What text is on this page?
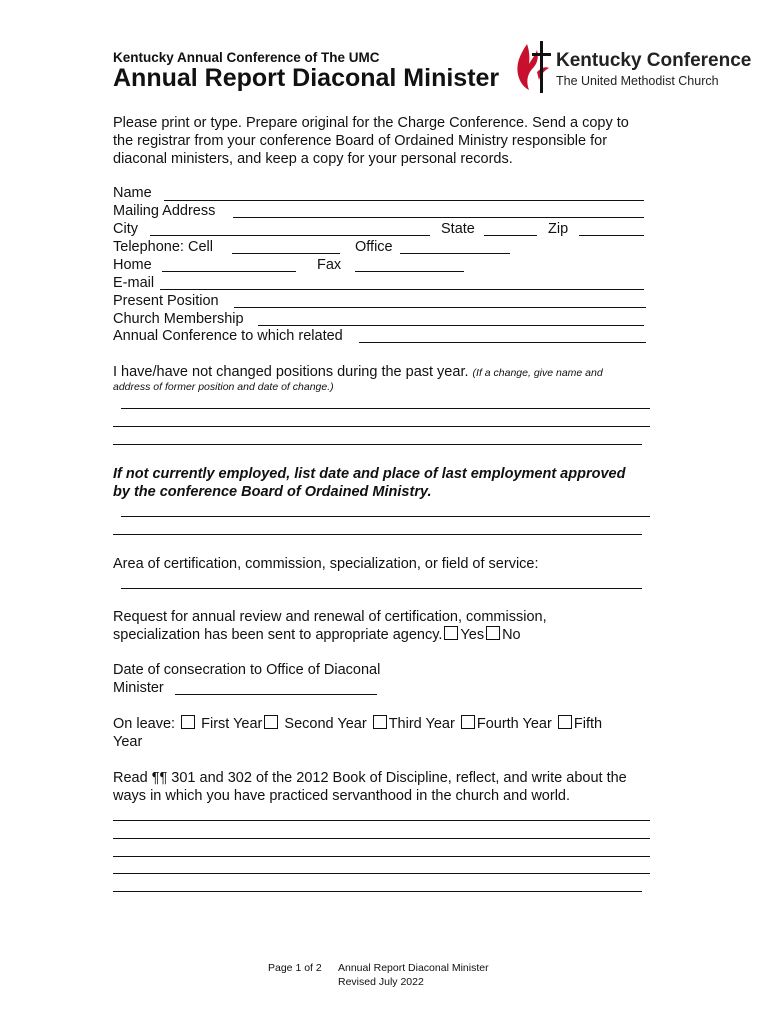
Kentucky Annual Conference of The UMC
Annual Report Diaconal Minister
Kentucky Conference
The United Methodist Church
Please print or type. Prepare original for the Charge Conference. Send a copy to
the registrar from your conference Board of Ordained Ministry responsible for
diaconal ministers, and keep a copy for your personal records.
Name
Mailing Address
City	State	Zip
Telephone: Cell	Office
Home	Fax
E-mail
Present Position
Church Membership
Annual Conference to which related
I have/have not changed positions during the past year. (If a change, give name and
address of former position and date of change.)
If not currently employed, list date and place of last employment approved
by the conference Board of Ordained Ministry.
Area of certification, commission, specialization, or field of service:
Request for annual review and renewal of certification, commission,
specialization has been sent to appropriate agency. Yes No
Date of consecration to Office of Diaconal
Minister
On leave: First Year Second Year Third Year Fourth Year Fifth
Year
Read ¶¶ 301 and 302 of the 2012 Book of Discipline, reflect, and write about the
ways in which you have practiced servanthood in the church and world.
Page 1 of 2 Annual Report Diaconal Minister
Revised July 2022
